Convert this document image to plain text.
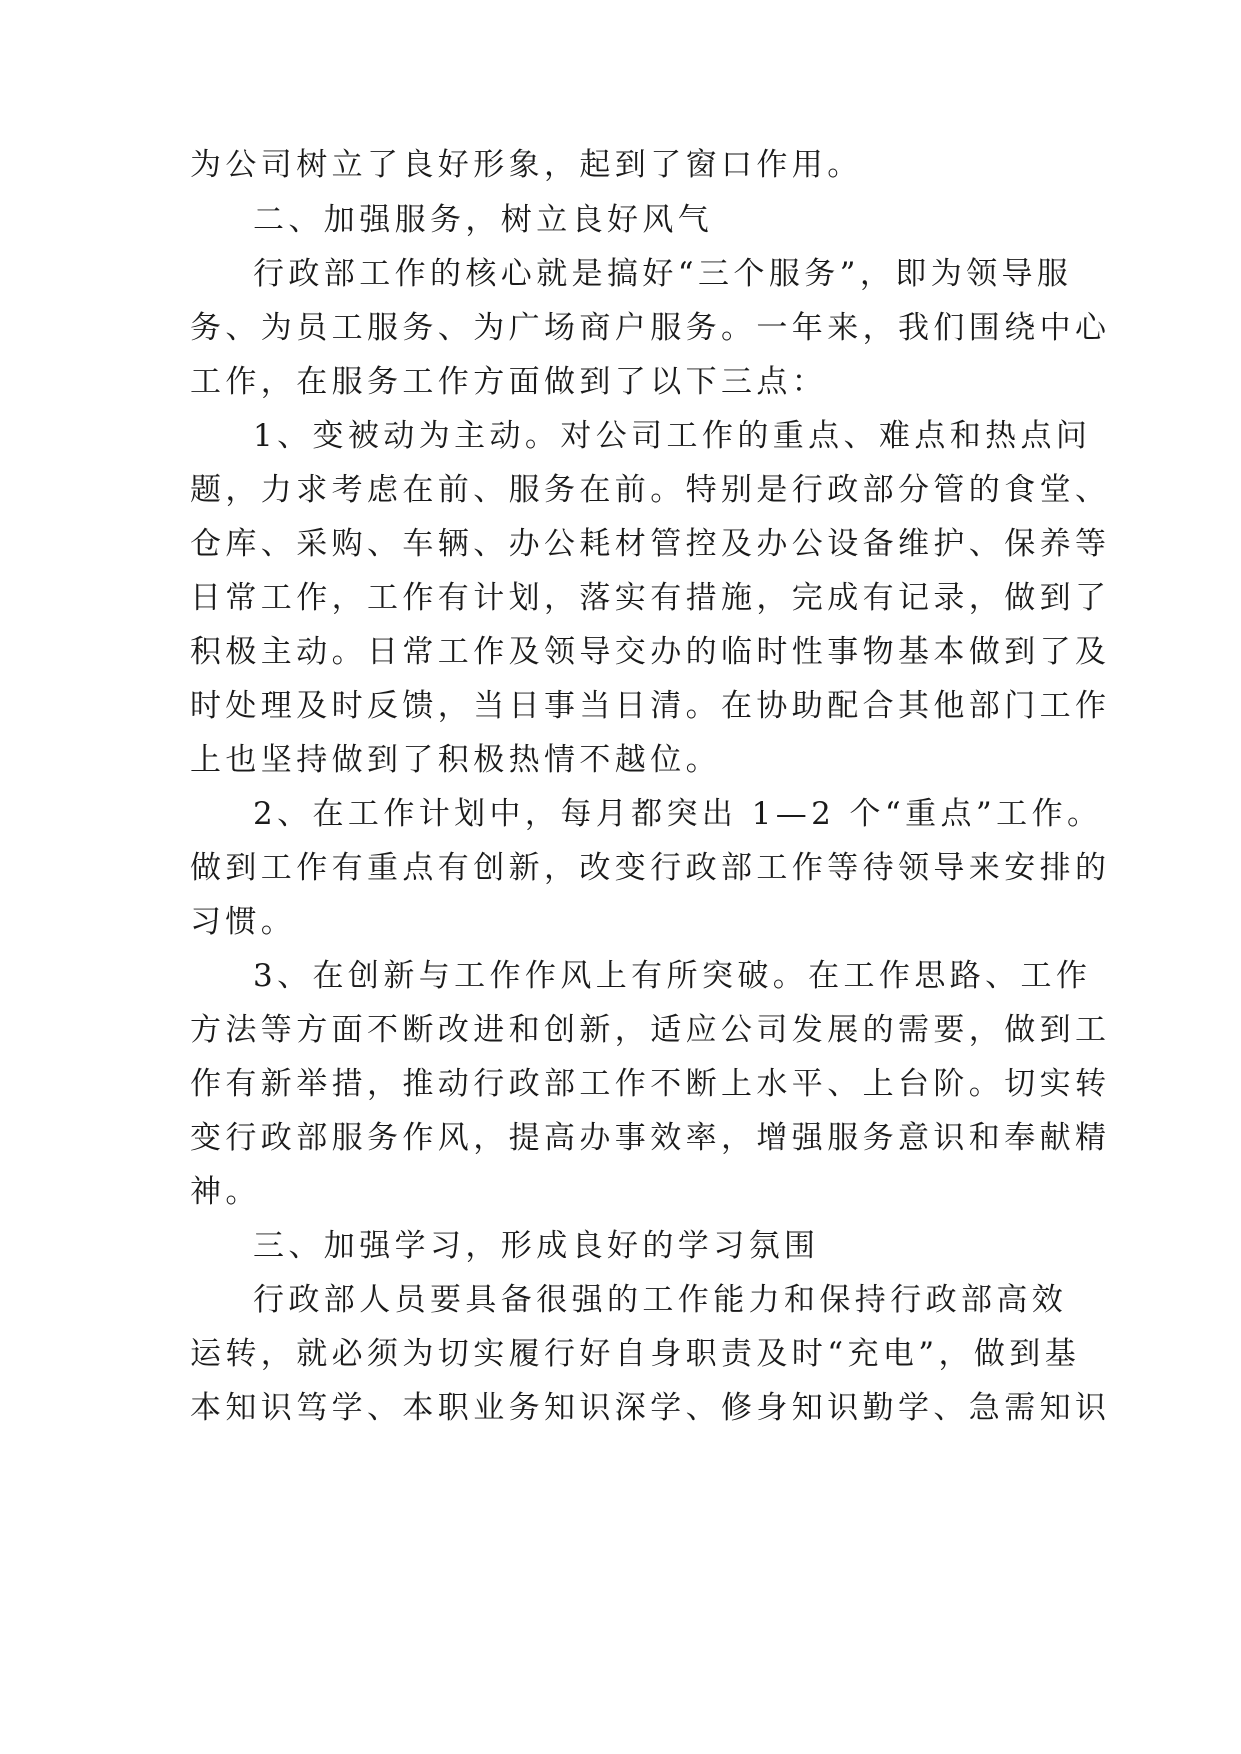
为公司树立了良好形象，起到了窗口作用。
二、加强服务，树立良好风气
行政部工作的核心就是搞好“三个服务”，即为领导服
务、为员工服务、为广场商户服务。一年来，我们围绕中心
工作，在服务工作方面做到了以下三点：
1、变被动为主动。对公司工作的重点、难点和热点问
题，力求考虑在前、服务在前。特别是行政部分管的食堂、
仓库、采购、车辆、办公耗材管控及办公设备维护、保养等
日常工作，工作有计划，落实有措施，完成有记录，做到了
积极主动。日常工作及领导交办的临时性事物基本做到了及
时处理及时反馈，当日事当日清。在协助配合其他部门工作
上也坚持做到了积极热情不越位。
2、在工作计划中，每月都突出 1—2 个“重点”工作。
做到工作有重点有创新，改变行政部工作等待领导来安排的
习惯。
3、在创新与工作作风上有所突破。在工作思路、工作
方法等方面不断改进和创新，适应公司发展的需要，做到工
作有新举措，推动行政部工作不断上水平、上台阶。切实转
变行政部服务作风，提高办事效率，增强服务意识和奉献精
神。
三、加强学习，形成良好的学习氛围
行政部人员要具备很强的工作能力和保持行政部高效
运转，就必须为切实履行好自身职责及时“充电”，做到基
本知识笃学、本职业务知识深学、修身知识勤学、急需知识
